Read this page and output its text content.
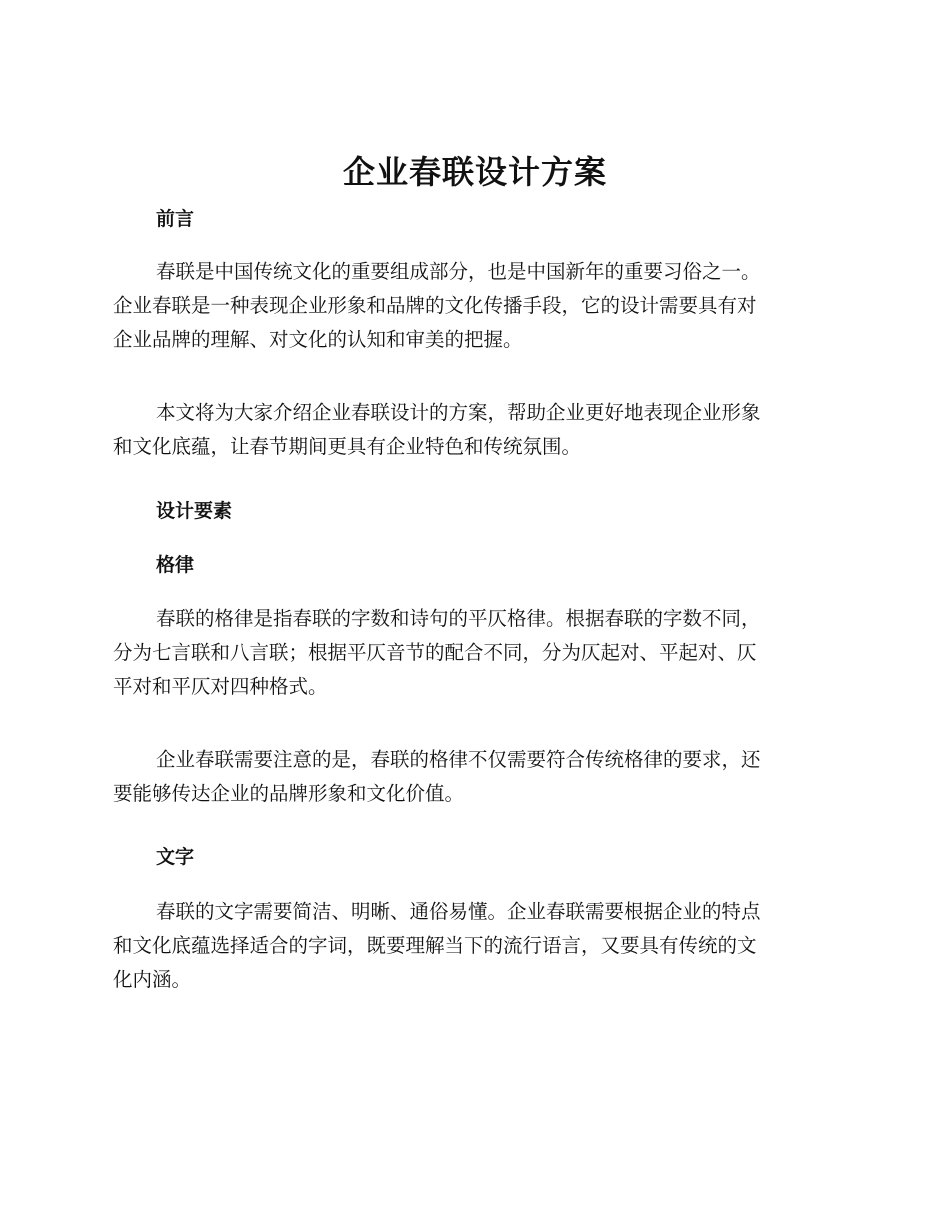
企业春联设计方案
前言
春联是中国传统文化的重要组成部分，也是中国新年的重要习俗之一。
企业春联是一种表现企业形象和品牌的文化传播手段，它的设计需要具有对
企业品牌的理解、对文化的认知和审美的把握。
本文将为大家介绍企业春联设计的方案，帮助企业更好地表现企业形象
和文化底蕴，让春节期间更具有企业特色和传统氛围。
设计要素
格律
春联的格律是指春联的字数和诗句的平仄格律。根据春联的字数不同，
分为七言联和八言联；根据平仄音节的配合不同，分为仄起对、平起对、仄
平对和平仄对四种格式。
企业春联需要注意的是，春联的格律不仅需要符合传统格律的要求，还
要能够传达企业的品牌形象和文化价值。
文字
春联的文字需要简洁、明晰、通俗易懂。企业春联需要根据企业的特点
和文化底蕴选择适合的字词，既要理解当下的流行语言，又要具有传统的文
化内涵。
